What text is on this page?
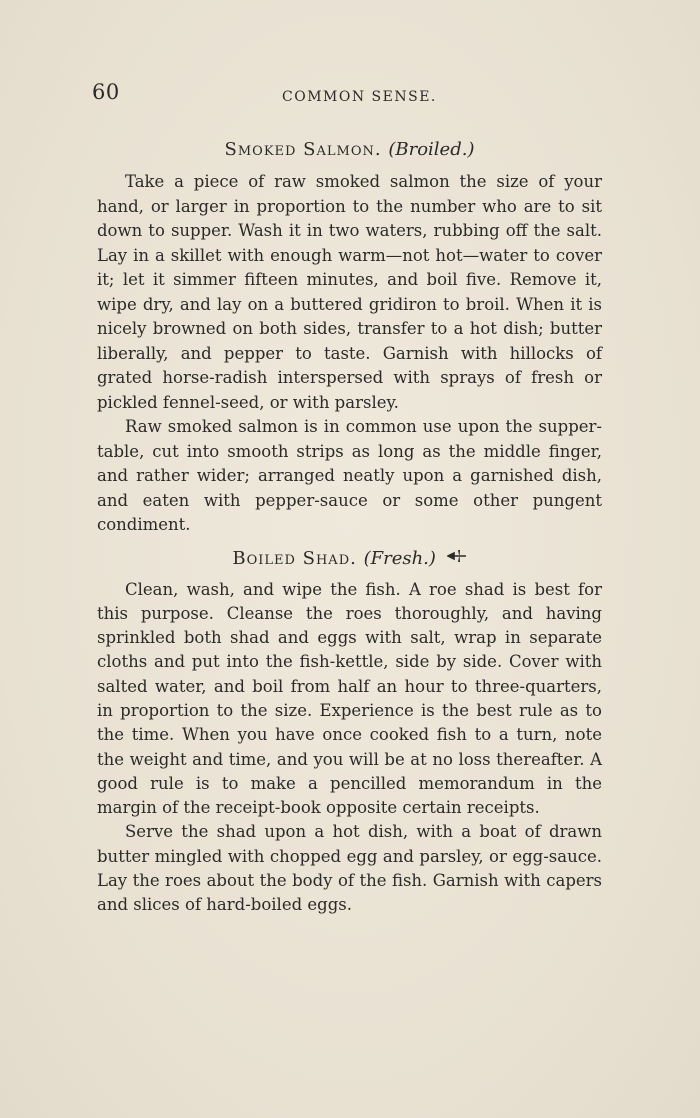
60	COMMON SENSE.
Smoked Salmon. (Broiled.)

Take a piece of raw smoked salmon the size of your hand, or larger in proportion to the number who are to sit down to supper. Wash it in two waters, rubbing off the salt. Lay in a skillet with enough warm—not hot—water to cover it; let it simmer fifteen minutes, and boil five. Remove it, wipe dry, and lay on a buttered gridiron to broil. When it is nicely browned on both sides, transfer to a hot dish; butter liberally, and pepper to taste. Garnish with hillocks of grated horse-radish interspersed with sprays of fresh or pickled fennel-seed, or with parsley.

Raw smoked salmon is in common use upon the supper-table, cut into smooth strips as long as the middle finger, and rather wider; arranged neatly upon a garnished dish, and eaten with pepper-sauce or some other pungent condiment.

Boiled Shad. (Fresh.)

Clean, wash, and wipe the fish. A roe shad is best for this purpose. Cleanse the roes thoroughly, and having sprinkled both shad and eggs with salt, wrap in separate cloths and put into the fish-kettle, side by side. Cover with salted water, and boil from half an hour to three-quarters, in proportion to the size. Experience is the best rule as to the time. When you have once cooked fish to a turn, note the weight and time, and you will be at no loss thereafter. A good rule is to make a pencilled memorandum in the margin of the receipt-book opposite certain receipts.

Serve the shad upon a hot dish, with a boat of drawn butter mingled with chopped egg and parsley, or egg-sauce. Lay the roes about the body of the fish. Garnish with capers and slices of hard-boiled eggs.
